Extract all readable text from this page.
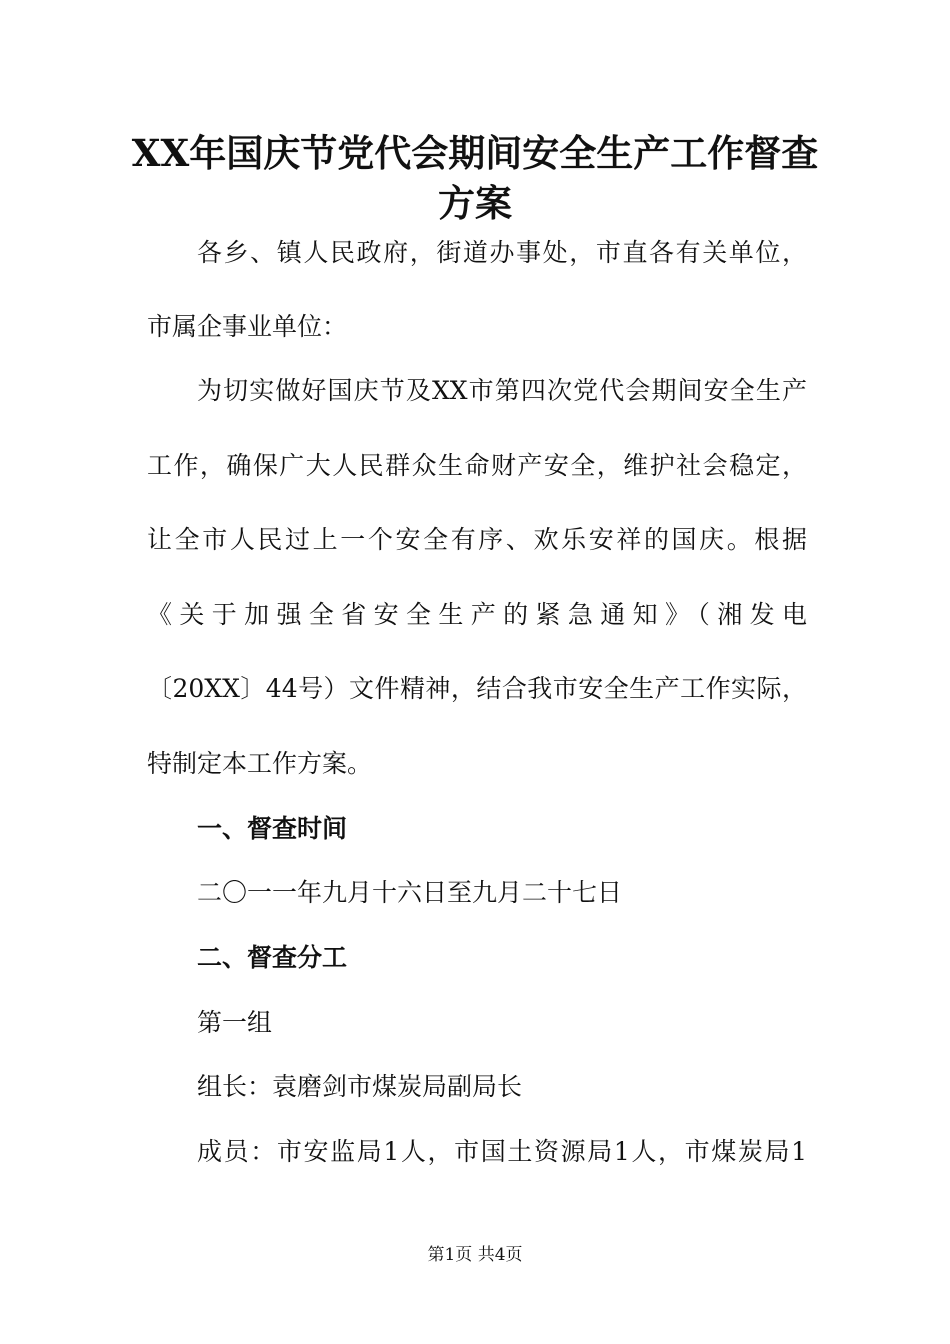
XX年国庆节党代会期间安全生产工作督查
方案

各乡、镇人民政府，街道办事处，市直各有关单位，

市属企事业单位：

为切实做好国庆节及XX市第四次党代会期间安全生产

工作，确保广大人民群众生命财产安全，维护社会稳定，

让全市人民过上一个安全有序、欢乐安祥的国庆。根据

《关于加强全省安全生产的紧急通知》（湘发电

〔20XX〕44号）文件精神，结合我市安全生产工作实际，

特制定本工作方案。

一、督查时间

二〇一一年九月十六日至九月二十七日

二、督查分工

第一组

组长：袁磨剑市煤炭局副局长

成员：市安监局1人，市国土资源局1人，市煤炭局1

第1页 共4页
